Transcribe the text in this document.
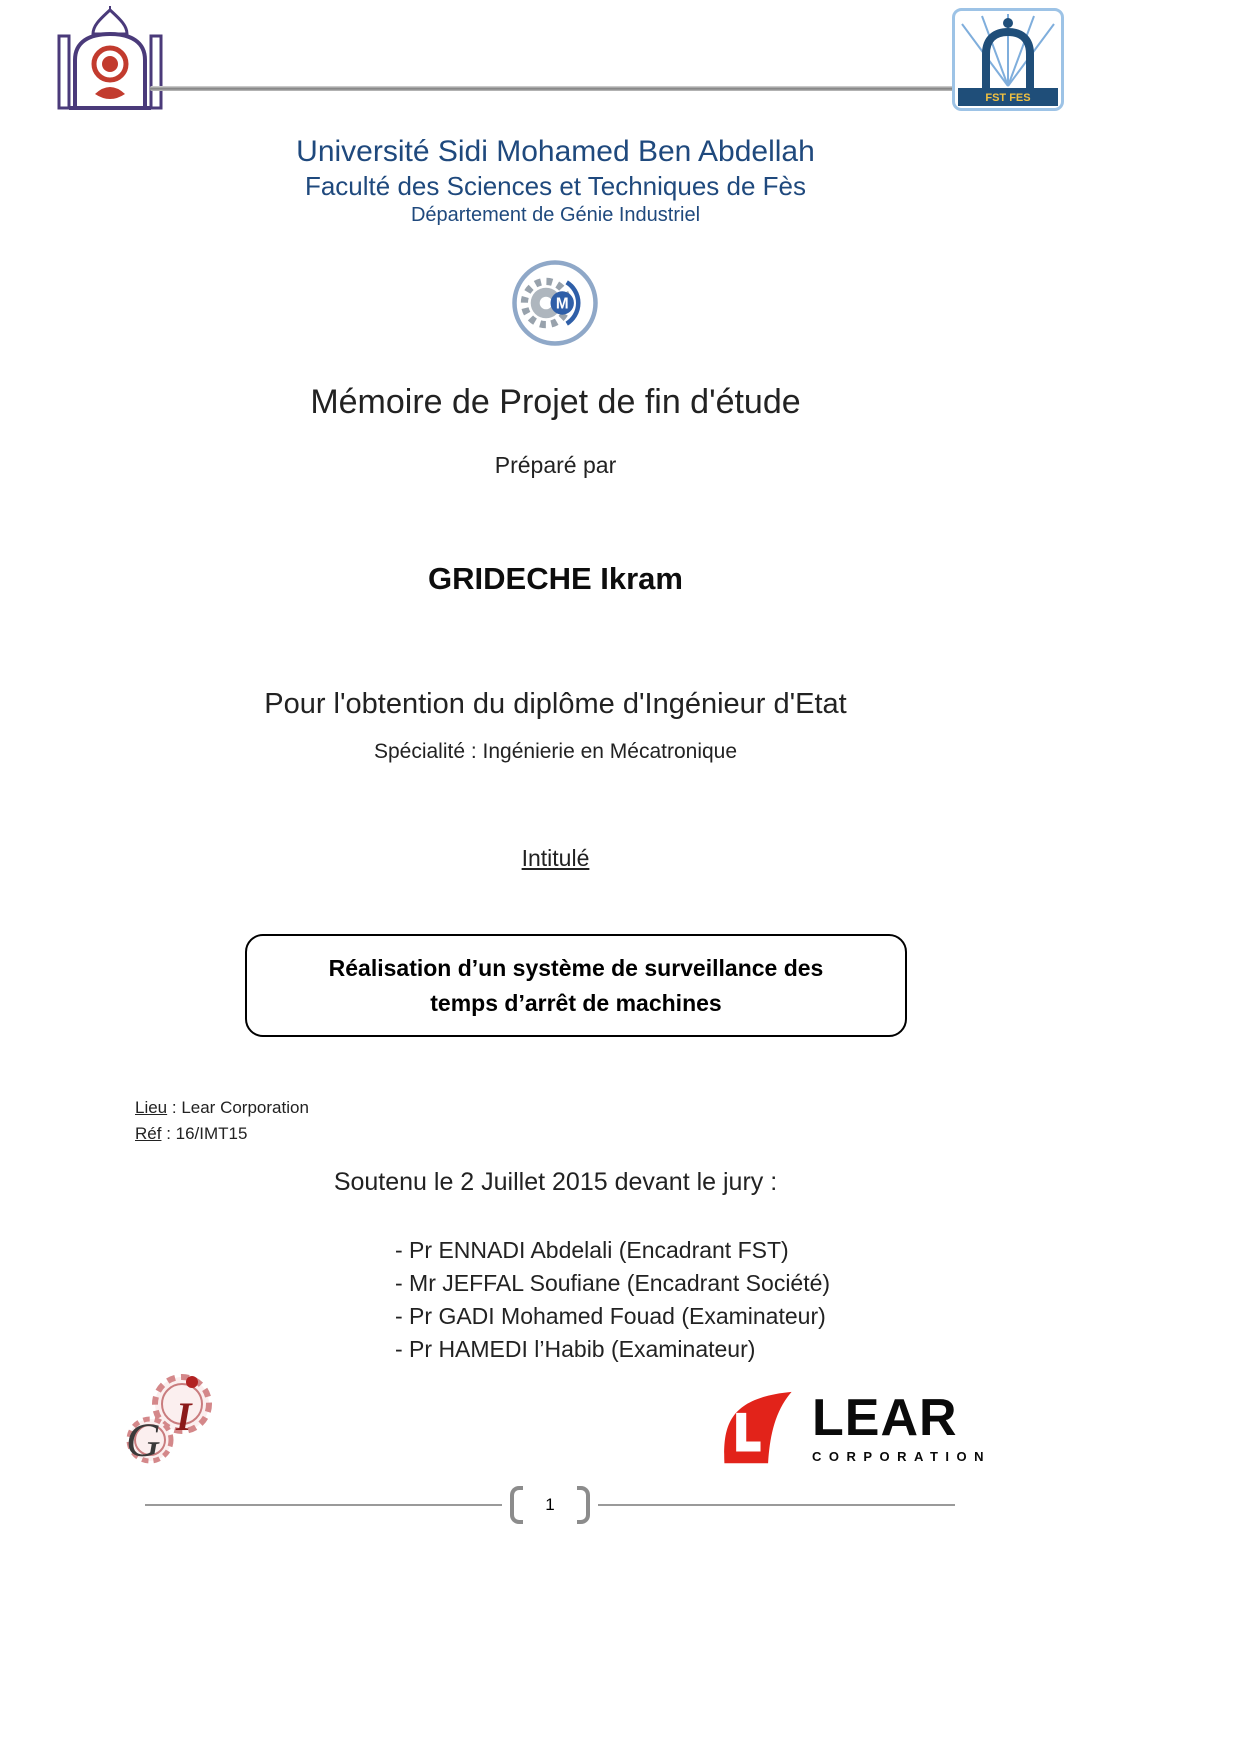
FST FES
Université Sidi Mohamed Ben Abdellah
Faculté des Sciences et Techniques de Fès
Département de Génie Industriel
M
Mémoire de Projet de fin d'étude
Préparé par
GRIDECHE Ikram
Pour l'obtention du diplôme d'Ingénieur d'Etat
Spécialité : Ingénierie en Mécatronique
Intitulé
Réalisation d’un système de surveillance des
temps d’arrêt de machines
Lieu : Lear Corporation
Réf : 16/IMT15
Soutenu le 2 Juillet 2015 devant le jury :
- Pr ENNADI Abdelali (Encadrant FST)
- Mr JEFFAL Soufiane (Encadrant Société)
- Pr GADI Mohamed Fouad (Examinateur)
- Pr HAMEDI l’Habib (Examinateur)
G I	LEAR
CORPORATION
1
